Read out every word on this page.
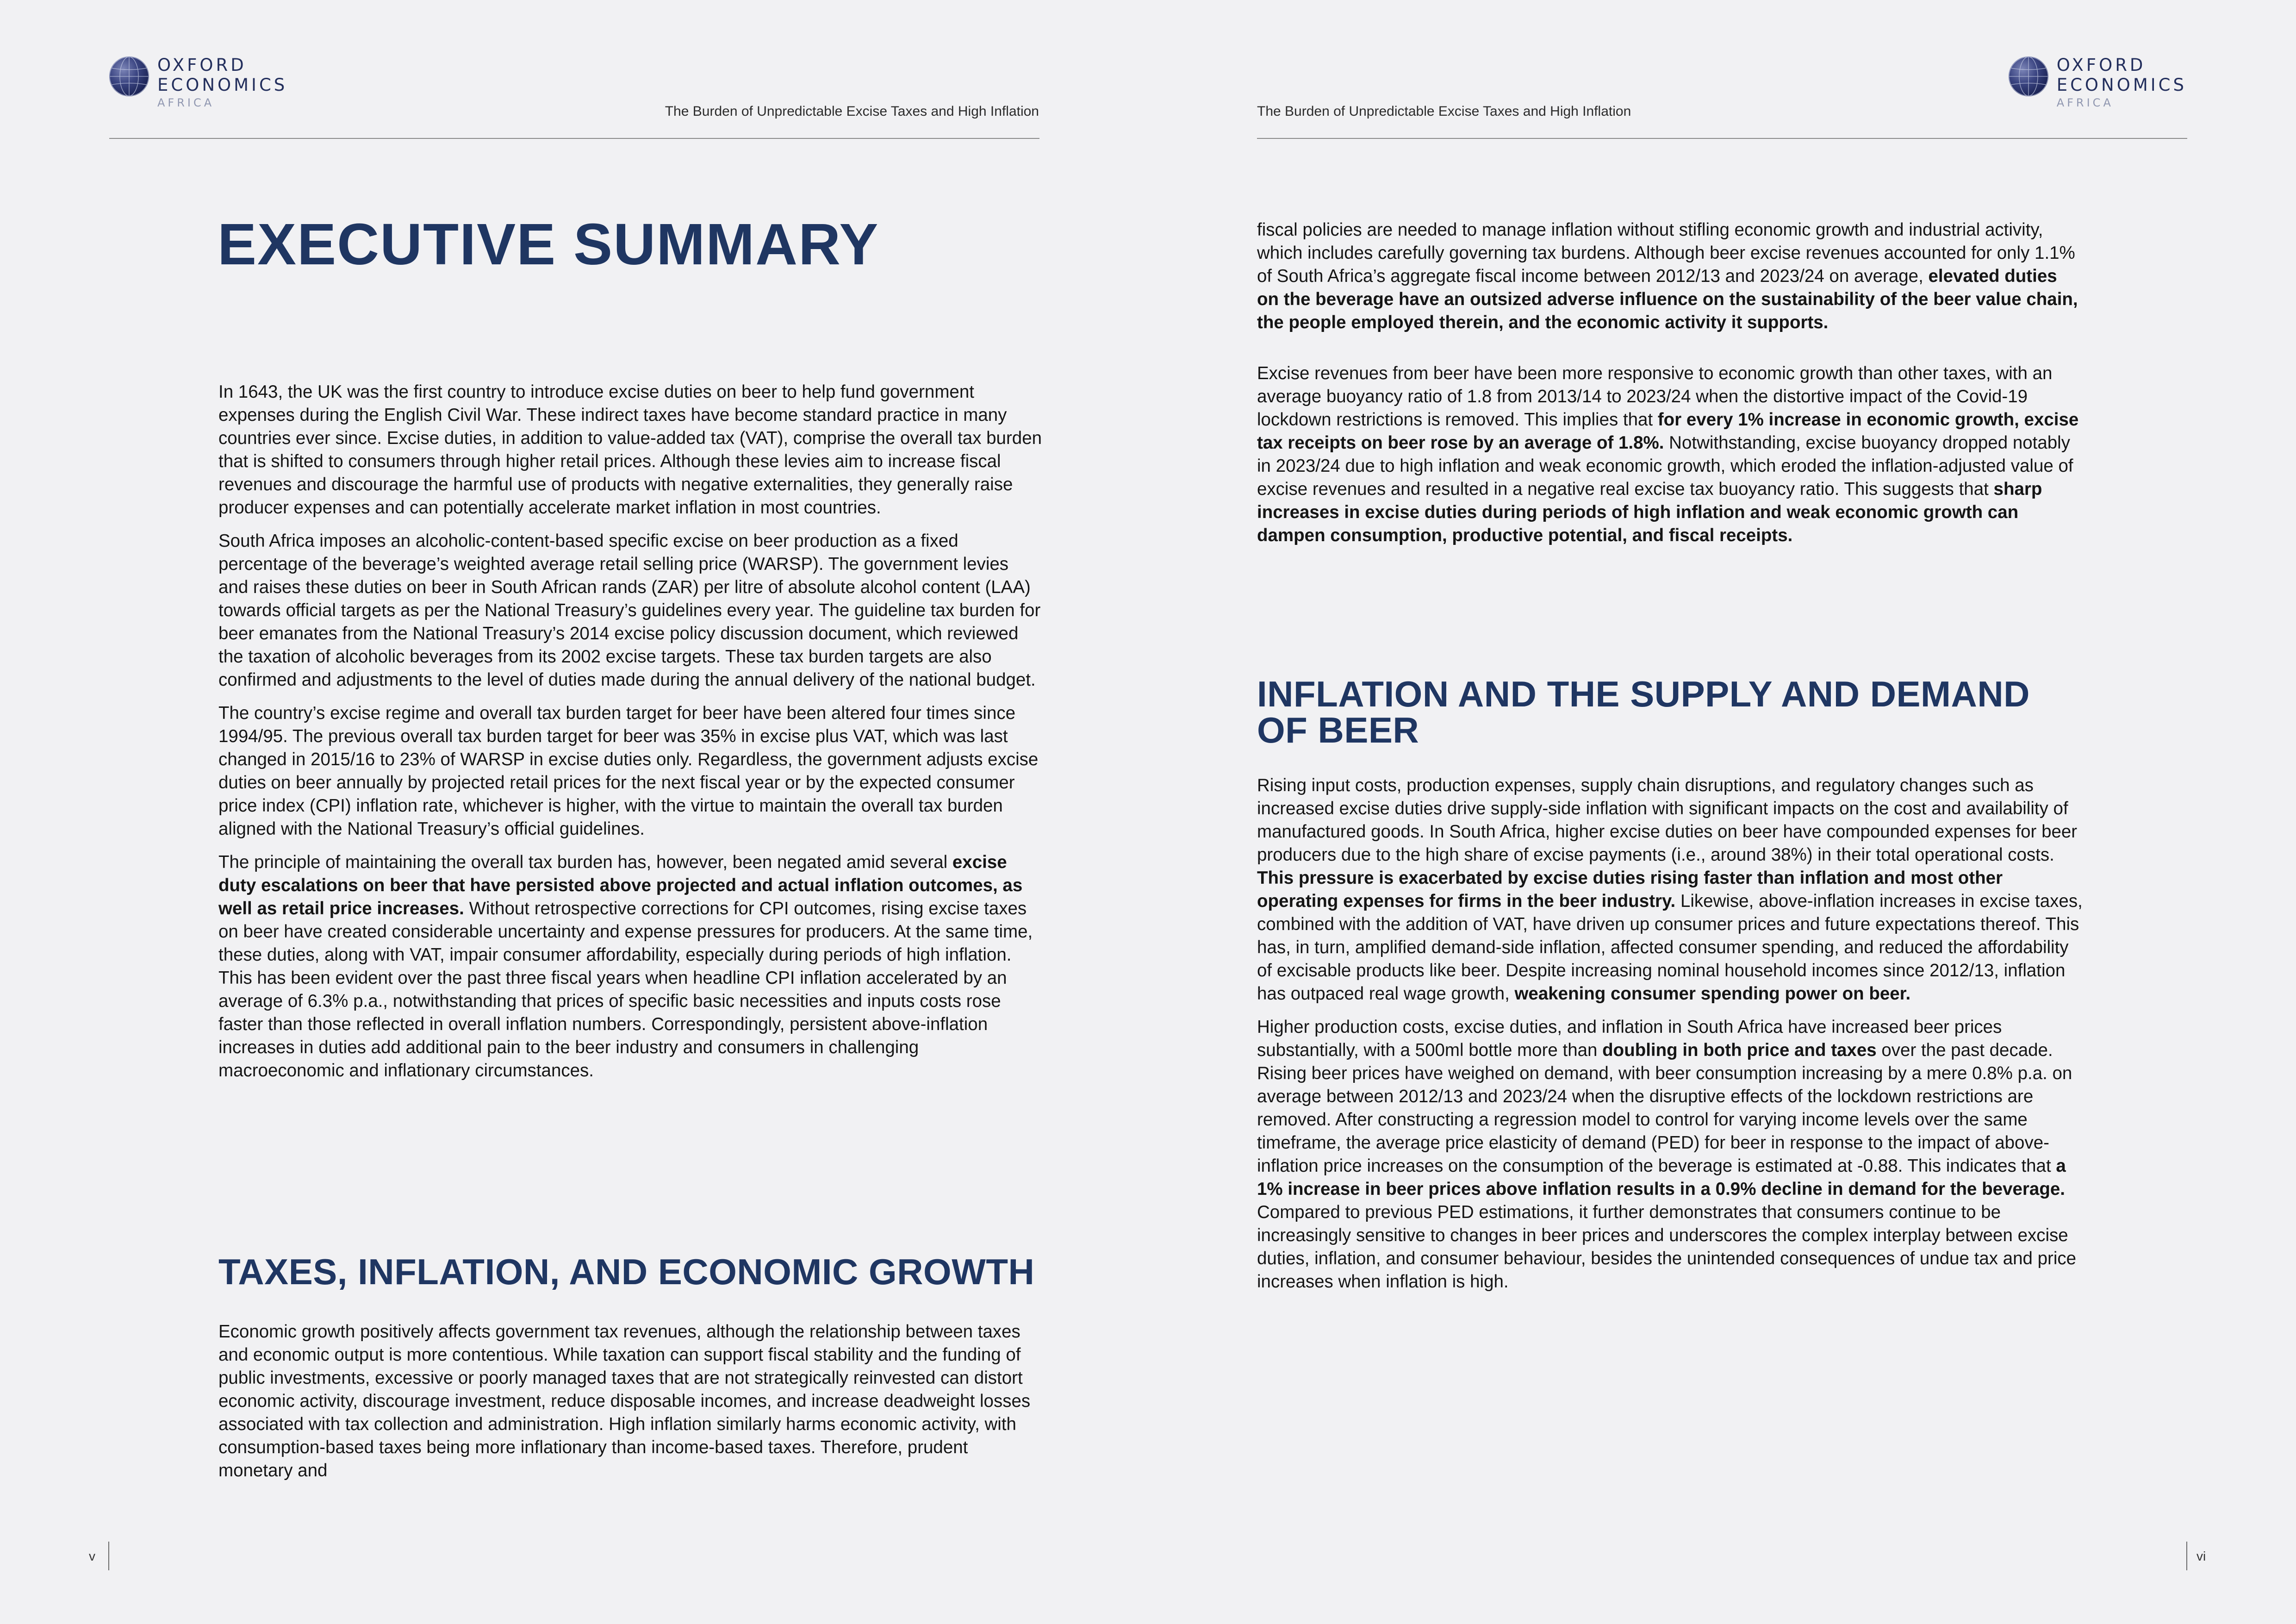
OXFORD
ECONOMICS
AFRICA
The Burden of Unpredictable Excise Taxes and High Inflation
EXECUTIVE SUMMARY

In 1643, the UK was the first country to introduce excise duties on beer to help fund government expenses during the English Civil War. These indirect taxes have become standard practice in many countries ever since. Excise duties, in addition to value-added tax (VAT), comprise the overall tax burden that is shifted to consumers through higher retail prices. Although these levies aim to increase fiscal revenues and discourage the harmful use of products with negative externalities, they generally raise producer expenses and can potentially accelerate market inflation in most countries.

South Africa imposes an alcoholic-content-based specific excise on beer production as a fixed percentage of the beverage’s weighted average retail selling price (WARSP). The government levies and raises these duties on beer in South African rands (ZAR) per litre of absolute alcohol content (LAA) towards official targets as per the National Treasury’s guidelines every year. The guideline tax burden for beer emanates from the National Treasury’s 2014 excise policy discussion document, which reviewed the taxation of alcoholic beverages from its 2002 excise targets. These tax burden targets are also confirmed and adjustments to the level of duties made during the annual delivery of the national budget.

The country’s excise regime and overall tax burden target for beer have been altered four times since 1994/95. The previous overall tax burden target for beer was 35% in excise plus VAT, which was last changed in 2015/16 to 23% of WARSP in excise duties only. Regardless, the government adjusts excise duties on beer annually by projected retail prices for the next fiscal year or by the expected consumer price index (CPI) inflation rate, whichever is higher, with the virtue to maintain the overall tax burden aligned with the National Treasury’s official guidelines.

The principle of maintaining the overall tax burden has, however, been negated amid several excise duty escalations on beer that have persisted above projected and actual inflation outcomes, as well as retail price increases. Without retrospective corrections for CPI outcomes, rising excise taxes on beer have created considerable uncertainty and expense pressures for producers. At the same time, these duties, along with VAT, impair consumer affordability, especially during periods of high inflation. This has been evident over the past three fiscal years when headline CPI inflation accelerated by an average of 6.3% p.a., notwithstanding that prices of specific basic necessities and inputs costs rose faster than those reflected in overall inflation numbers. Correspondingly, persistent above-inflation increases in duties add additional pain to the beer industry and consumers in challenging macroeconomic and inflationary circumstances.

TAXES, INFLATION, AND ECONOMIC GROWTH

Economic growth positively affects government tax revenues, although the relationship between taxes and economic output is more contentious. While taxation can support fiscal stability and the funding of public investments, excessive or poorly managed taxes that are not strategically reinvested can distort economic activity, discourage investment, reduce disposable incomes, and increase deadweight losses associated with tax collection and administration. High inflation similarly harms economic activity, with consumption-based taxes being more inflationary than income-based taxes. Therefore, prudent monetary and

v
The Burden of Unpredictable Excise Taxes and High Inflation
OXFORD
ECONOMICS
AFRICA

fiscal policies are needed to manage inflation without stifling economic growth and industrial activity, which includes carefully governing tax burdens. Although beer excise revenues accounted for only 1.1% of South Africa’s aggregate fiscal income between 2012/13 and 2023/24 on average, elevated duties on the beverage have an outsized adverse influence on the sustainability of the beer value chain, the people employed therein, and the economic activity it supports.

Excise revenues from beer have been more responsive to economic growth than other taxes, with an average buoyancy ratio of 1.8 from 2013/14 to 2023/24 when the distortive impact of the Covid-19 lockdown restrictions is removed. This implies that for every 1% increase in economic growth, excise tax receipts on beer rose by an average of 1.8%. Notwithstanding, excise buoyancy dropped notably in 2023/24 due to high inflation and weak economic growth, which eroded the inflation-adjusted value of excise revenues and resulted in a negative real excise tax buoyancy ratio. This suggests that sharp increases in excise duties during periods of high inflation and weak economic growth can dampen consumption, productive potential, and fiscal receipts.

INFLATION AND THE SUPPLY AND DEMAND OF BEER

Rising input costs, production expenses, supply chain disruptions, and regulatory changes such as increased excise duties drive supply-side inflation with significant impacts on the cost and availability of manufactured goods. In South Africa, higher excise duties on beer have compounded expenses for beer producers due to the high share of excise payments (i.e., around 38%) in their total operational costs. This pressure is exacerbated by excise duties rising faster than inflation and most other operating expenses for firms in the beer industry. Likewise, above-inflation increases in excise taxes, combined with the addition of VAT, have driven up consumer prices and future expectations thereof. This has, in turn, amplified demand-side inflation, affected consumer spending, and reduced the affordability of excisable products like beer. Despite increasing nominal household incomes since 2012/13, inflation has outpaced real wage growth, weakening consumer spending power on beer.

Higher production costs, excise duties, and inflation in South Africa have increased beer prices substantially, with a 500ml bottle more than doubling in both price and taxes over the past decade. Rising beer prices have weighed on demand, with beer consumption increasing by a mere 0.8% p.a. on average between 2012/13 and 2023/24 when the disruptive effects of the lockdown restrictions are removed. After constructing a regression model to control for varying income levels over the same timeframe, the average price elasticity of demand (PED) for beer in response to the impact of above-inflation price increases on the consumption of the beverage is estimated at -0.88. This indicates that a 1% increase in beer prices above inflation results in a 0.9% decline in demand for the beverage. Compared to previous PED estimations, it further demonstrates that consumers continue to be increasingly sensitive to changes in beer prices and underscores the complex interplay between excise duties, inflation, and consumer behaviour, besides the unintended consequences of undue tax and price increases when inflation is high.

vi
